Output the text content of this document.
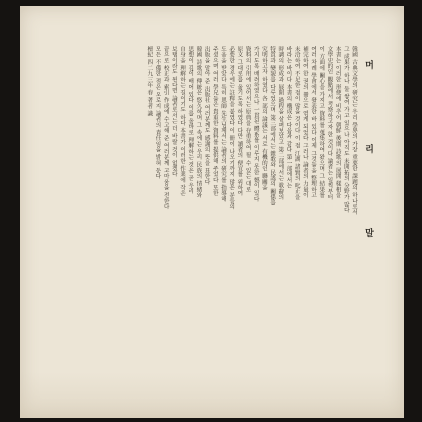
머 리 말
韓國 古典文學의 研究는 우리 學界의 가장 重要한 課題의 하나로서
그 成果가 하나 둘 쌓여 가고 있으나 아직도 未開拓의 分野가 많다
本書는 이러한 形便에 비추어 朝鮮 後期 詩歌의 展開 樣相을
文學史的인 觀點에서 考察하고자 한 것이다 論者는 일찍부터
이 方面에 關心을 가지고 資料를 蒐集하여 왔으며 그 結果를
여러 차례 學會에서 發表한 바 있다 이제 그것들을 整理하고
補完하여 한 권의 冊으로 엮게 되었다 그러나 論者의 力量이
未洽하여 不足한 점이 많을 것이다 이 점 江湖 諸賢의 叱正을
바라는 바이다 本書의 構成은 다음과 같다 第一部에서는
時調의 形成과 展開 過程을 살펴보았고 第二部에서는 歌辭의
特質과 變貌를 다루었으며 第三部에서는 雜歌와 民謠의 關係를
究明하고자 하였다 各 部의 論議는 서로 有機的인 聯關을
가지도록 배려하였으나 一貫된 體系를 이루지 못한 憾이 있다
資料의 引用에 있어서는 原典을 存重하여 될 수 있는 대로
原文 그대로를 옮기도록 하였다 다만 讀者의 便宜를 위하여
必要한 경우에는 註釋을 붙였다 이 冊이 나오기까지 많은 분들의
도움을 받았다 특히 恩師 先生님께서는 論者의 硏究를 指導해
주셨으며 여러 學兄들은 貴重한 資料를 提供해 주었다 또한
出版을 맡아 준 出版社 여러분께도 感謝의 뜻을 표한다
韓國 詩歌의 傳統은 悠久하며 그 속에는 우리 民族의 情緖와
思想이 깊이 배어 있다 이를 올바로 理解하는 것은 곧 우리
自身을 理解하는 길이기도 하다 本書가 이러한 作業에 작은
보탬이라도 된다면 論者로서는 더 바랄 것이 없겠다
끝으로 校正과 索引 作成에 수고해 준 여러분께 고마움을 전한다
모든 不備한 점은 오로지 論者의 責任임을 밝혀 둔다
檀紀 四二九三年 春 著者 識
